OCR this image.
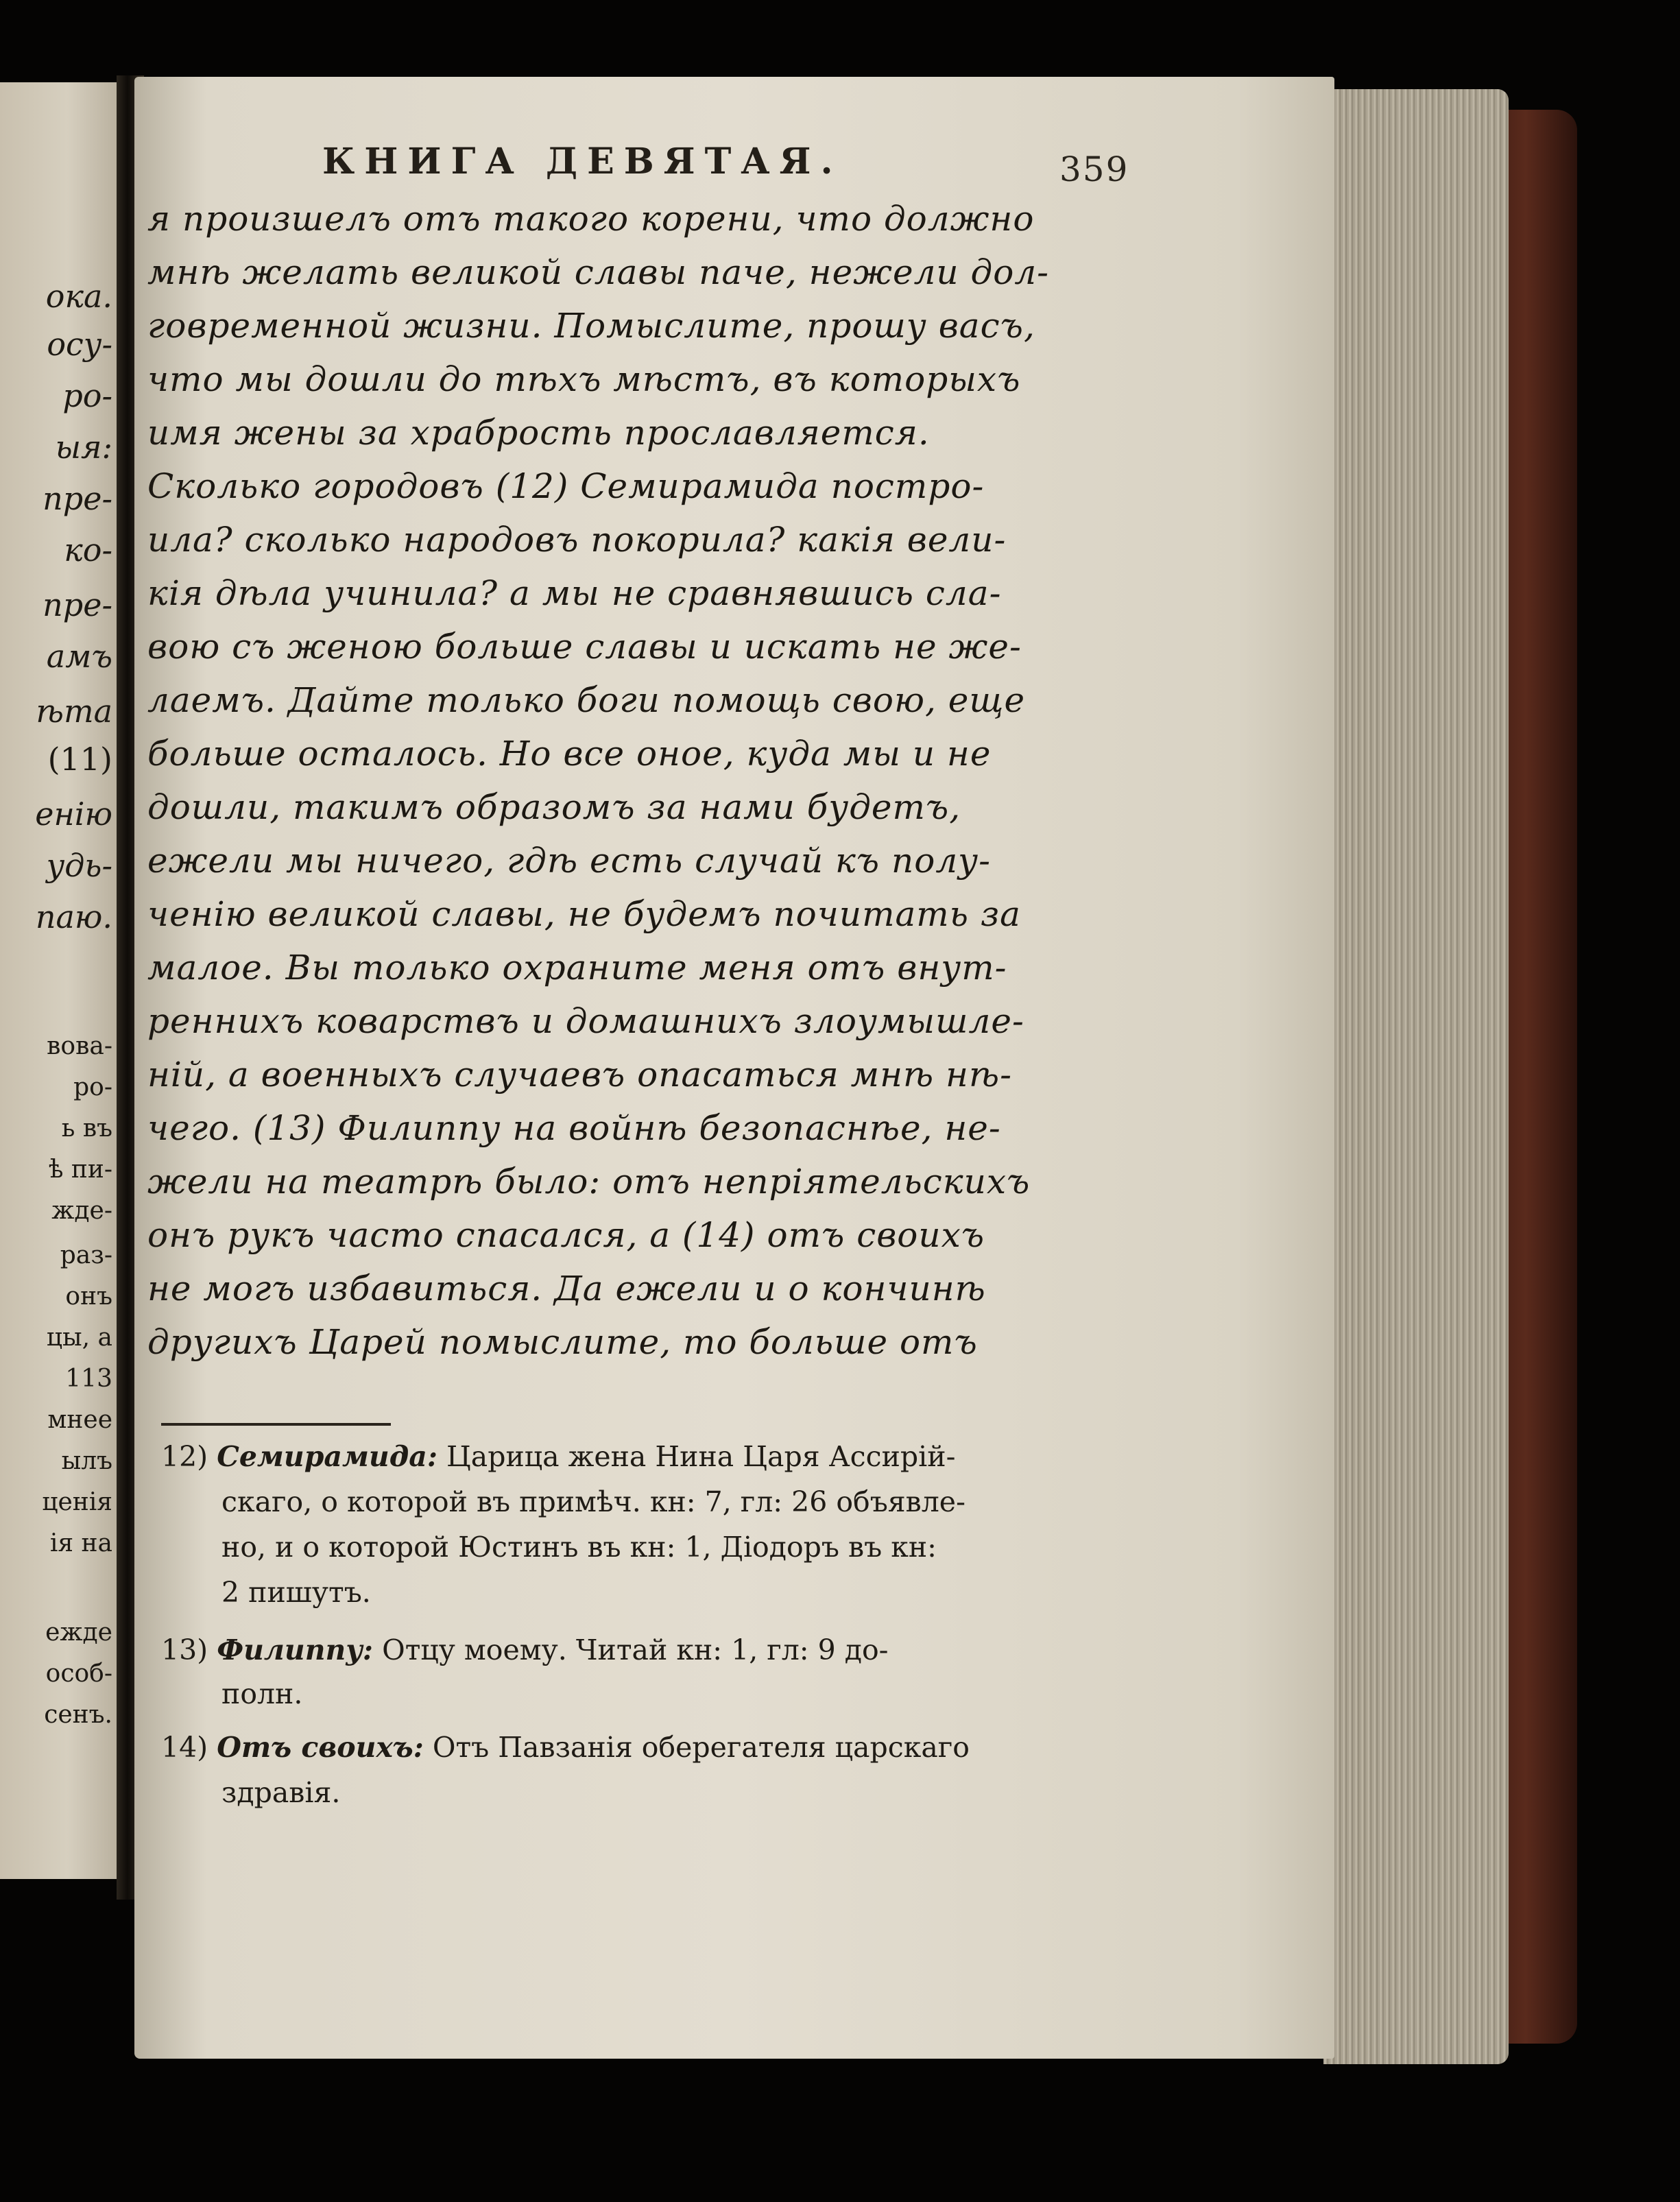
ока.
осу-
ро-
ыя:
пре-
ко-
пре-
амъ
ѣта
(11)
енію
удь-
паю.
вова-
ро-
ь въ
ѣ пи-
жде-
раз-
онъ
цы, а
113
мнее
ылъ
ценія
ія на
ежде
особ-
сенъ.
КНИГА ДЕВЯТАЯ.	359
я произшелъ отъ такого корени, что должно
мнѣ желать великой славы паче, нежели дол-
говременной жизни. Помыслите, прошу васъ,
что мы дошли до тѣхъ мѣстъ, въ которыхъ
имя жены за храбрость прославляется.
Сколько городовъ (12) Семирамида постро-
ила? сколько народовъ покорила? какія вели-
кія дѣла учинила? а мы не сравнявшись сла-
вою съ женою больше славы и искать не же-
лаемъ. Дайте только боги помощь свою, еще
больше осталось. Но все оное, куда мы и не
дошли, такимъ образомъ за нами будетъ,
ежели мы ничего, гдѣ есть случай къ полу-
ченію великой славы, не будемъ почитать за
малое. Вы только охраните меня отъ внут-
реннихъ коварствъ и домашнихъ злоумышле-
ній, а военныхъ случаевъ опасаться мнѣ нѣ-
чего. (13) Филиппу на войнѣ безопаснѣе, не-
жели на театрѣ было: отъ непріятельскихъ
онъ рукъ часто спасался, а (14) отъ своихъ
не могъ избавиться. Да ежели и о кончинѣ
другихъ Царей помыслите, то больше отъ
12) Семирамида: Царица жена Нина Царя Ассирій-
скаго, о которой въ примѣч. кн: 7, гл: 26 объявле-
но, и о которой Юстинъ въ кн: 1, Діодоръ въ кн:
2 пишутъ.
13) Филиппу: Отцу моему. Читай кн: 1, гл: 9 до-
полн.
14) Отъ своихъ: Отъ Павзанія оберегателя царскаго
здравія.
